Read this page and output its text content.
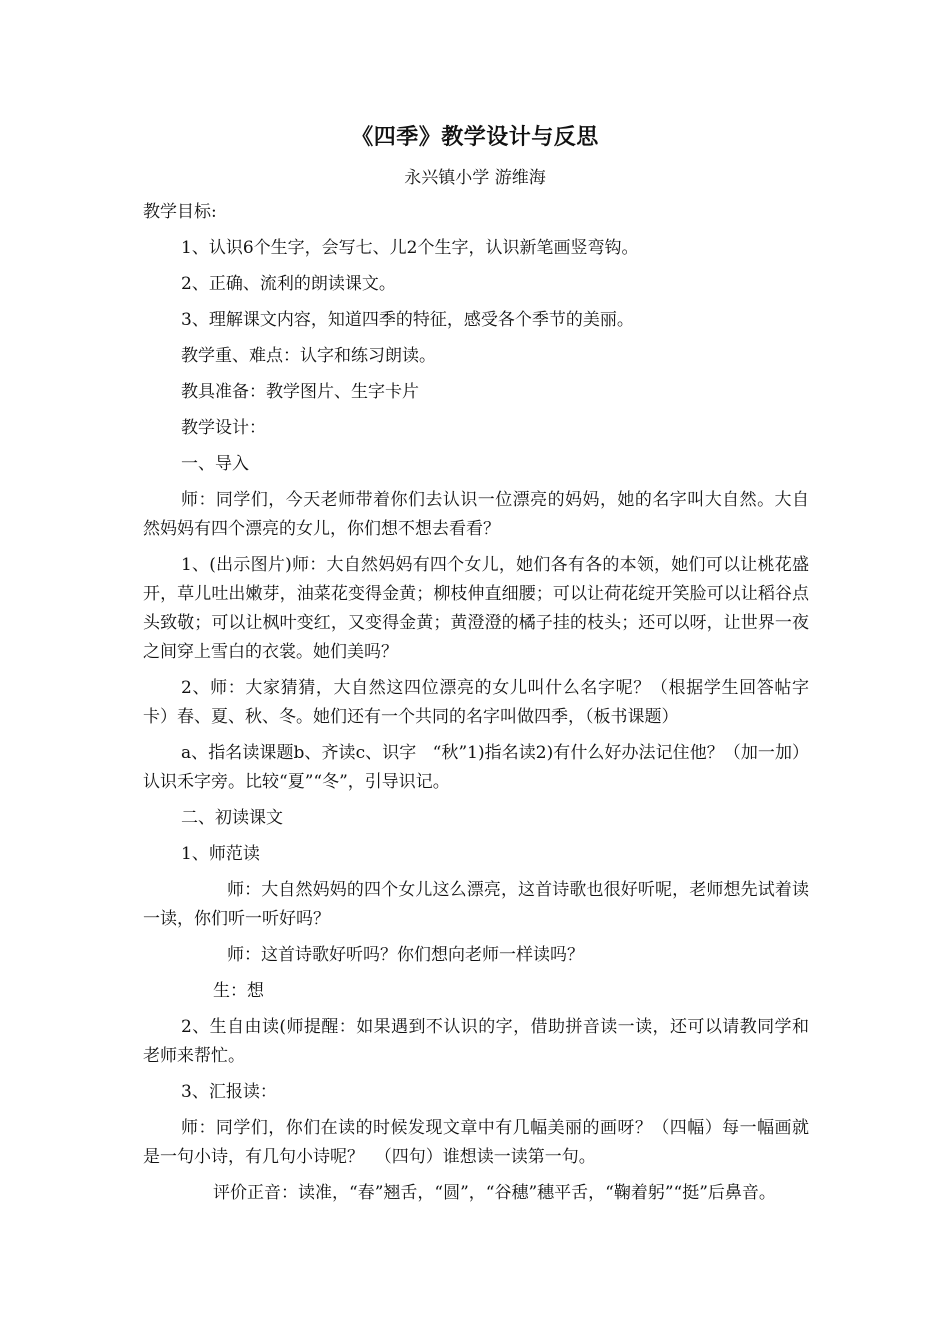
《四季》教学设计与反思

永兴镇小学 游维海

教学目标:

1、认识6个生字，会写七、儿2个生字，认识新笔画竖弯钩。

2、正确、流利的朗读课文。

3、理解课文内容，知道四季的特征，感受各个季节的美丽。

教学重、难点：认字和练习朗读。

教具准备：教学图片、生字卡片

教学设计：

一、导入

师：同学们，今天老师带着你们去认识一位漂亮的妈妈，她的名字叫大自然。大自然妈妈有四个漂亮的女儿，你们想不想去看看？

1、(出示图片)师：大自然妈妈有四个女儿，她们各有各的本领，她们可以让桃花盛开，草儿吐出嫩芽，油菜花变得金黄；柳枝伸直细腰；可以让荷花绽开笑脸可以让稻谷点头致敬；可以让枫叶变红，又变得金黄；黄澄澄的橘子挂的枝头；还可以呀，让世界一夜之间穿上雪白的衣裳。她们美吗？

2、师：大家猜猜，大自然这四位漂亮的女儿叫什么名字呢？（根据学生回答帖字卡）春、夏、秋、冬。她们还有一个共同的名字叫做四季，（板书课题）

a、指名读课题b、齐读c、识字   “秋”1)指名读2)有什么好办法记住他？（加一加）认识禾字旁。比较“夏”“冬”，引导识记。

二、初读课文

1、师范读

师：大自然妈妈的四个女儿这么漂亮，这首诗歌也很好听呢，老师想先试着读一读，你们听一听好吗？

师：这首诗歌好听吗？你们想向老师一样读吗？

生：想

2、生自由读(师提醒：如果遇到不认识的字，借助拼音读一读，还可以请教同学和老师来帮忙。

3、汇报读：

师：同学们，你们在读的时候发现文章中有几幅美丽的画呀？（四幅）每一幅画就是一句小诗，有几句小诗呢？  （四句）谁想读一读第一句。

评价正音：读准，“春”翘舌，“圆”，“谷穗”穗平舌，“鞠着躬”“挺”后鼻音。
